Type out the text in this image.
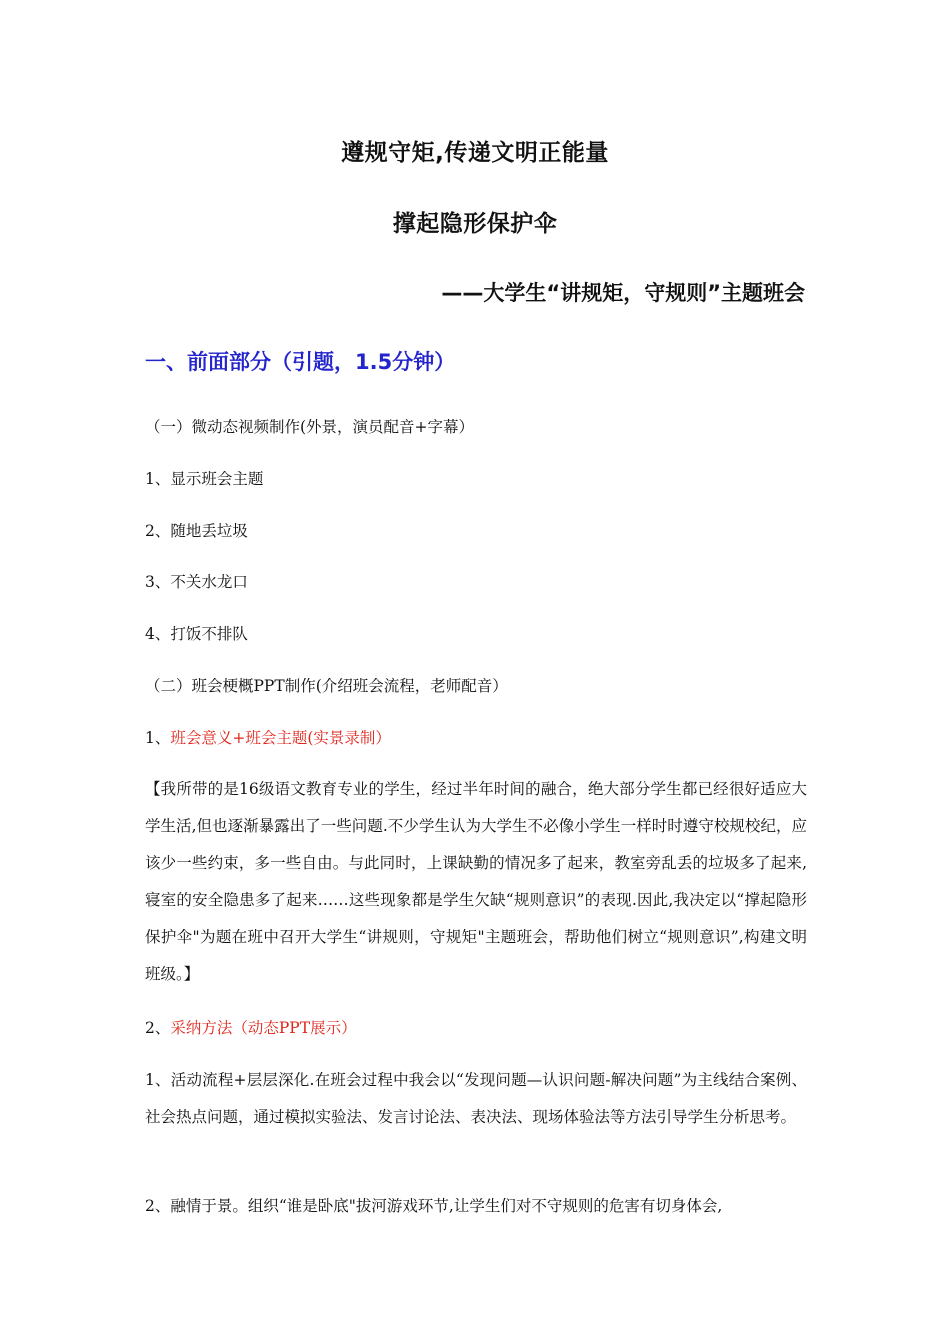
遵规守矩,传递文明正能量
撑起隐形保护伞
——大学生“讲规矩，守规则”主题班会
一、前面部分（引题，1.5分钟）
（一）微动态视频制作(外景，演员配音+字幕）
1、显示班会主题
2、随地丢垃圾
3、不关水龙口
4、打饭不排队
（二）班会梗概PPT制作(介绍班会流程，老师配音）
1、班会意义+班会主题(实景录制）
【我所带的是16级语文教育专业的学生，经过半年时间的融合，绝大部分学生都已经很好适应大学生活,但也逐渐暴露出了一些问题.不少学生认为大学生不必像小学生一样时时遵守校规校纪，应该少一些约束，多一些自由。与此同时，上课缺勤的情况多了起来，教室旁乱丢的垃圾多了起来,寝室的安全隐患多了起来……这些现象都是学生欠缺“规则意识”的表现.因此,我决定以“撑起隐形保护伞"为题在班中召开大学生“讲规则，守规矩"主题班会，帮助他们树立“规则意识”,构建文明班级。】
2、采纳方法（动态PPT展示）
1、活动流程+层层深化.在班会过程中我会以“发现问题—认识问题-解决问题”为主线结合案例、社会热点问题，通过模拟实验法、发言讨论法、表决法、现场体验法等方法引导学生分析思考。
2、融情于景。组织“谁是卧底"拔河游戏环节,让学生们对不守规则的危害有切身体会,
